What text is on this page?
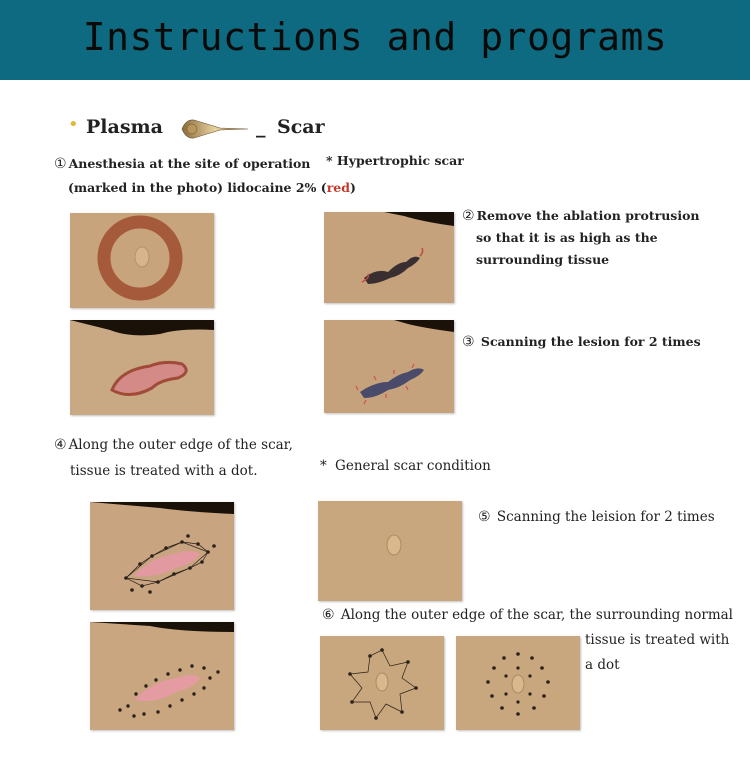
Instructions and programs
• Plasma	_ Scar
① Anesthesia at the site of operation
(marked in the photo) lidocaine 2% (red)
④ Along the outer edge of the scar,
tissue is treated with a dot.
* Hypertrophic scar
② Remove the ablation protrusion
so that it is as high as the
surrounding tissue
③ Scanning the lesion for 2 times
* General scar condition
⑤ Scanning the leision for 2 times
⑥ Along the outer edge of the scar, the surrounding normal
tissue is treated with
a dot
